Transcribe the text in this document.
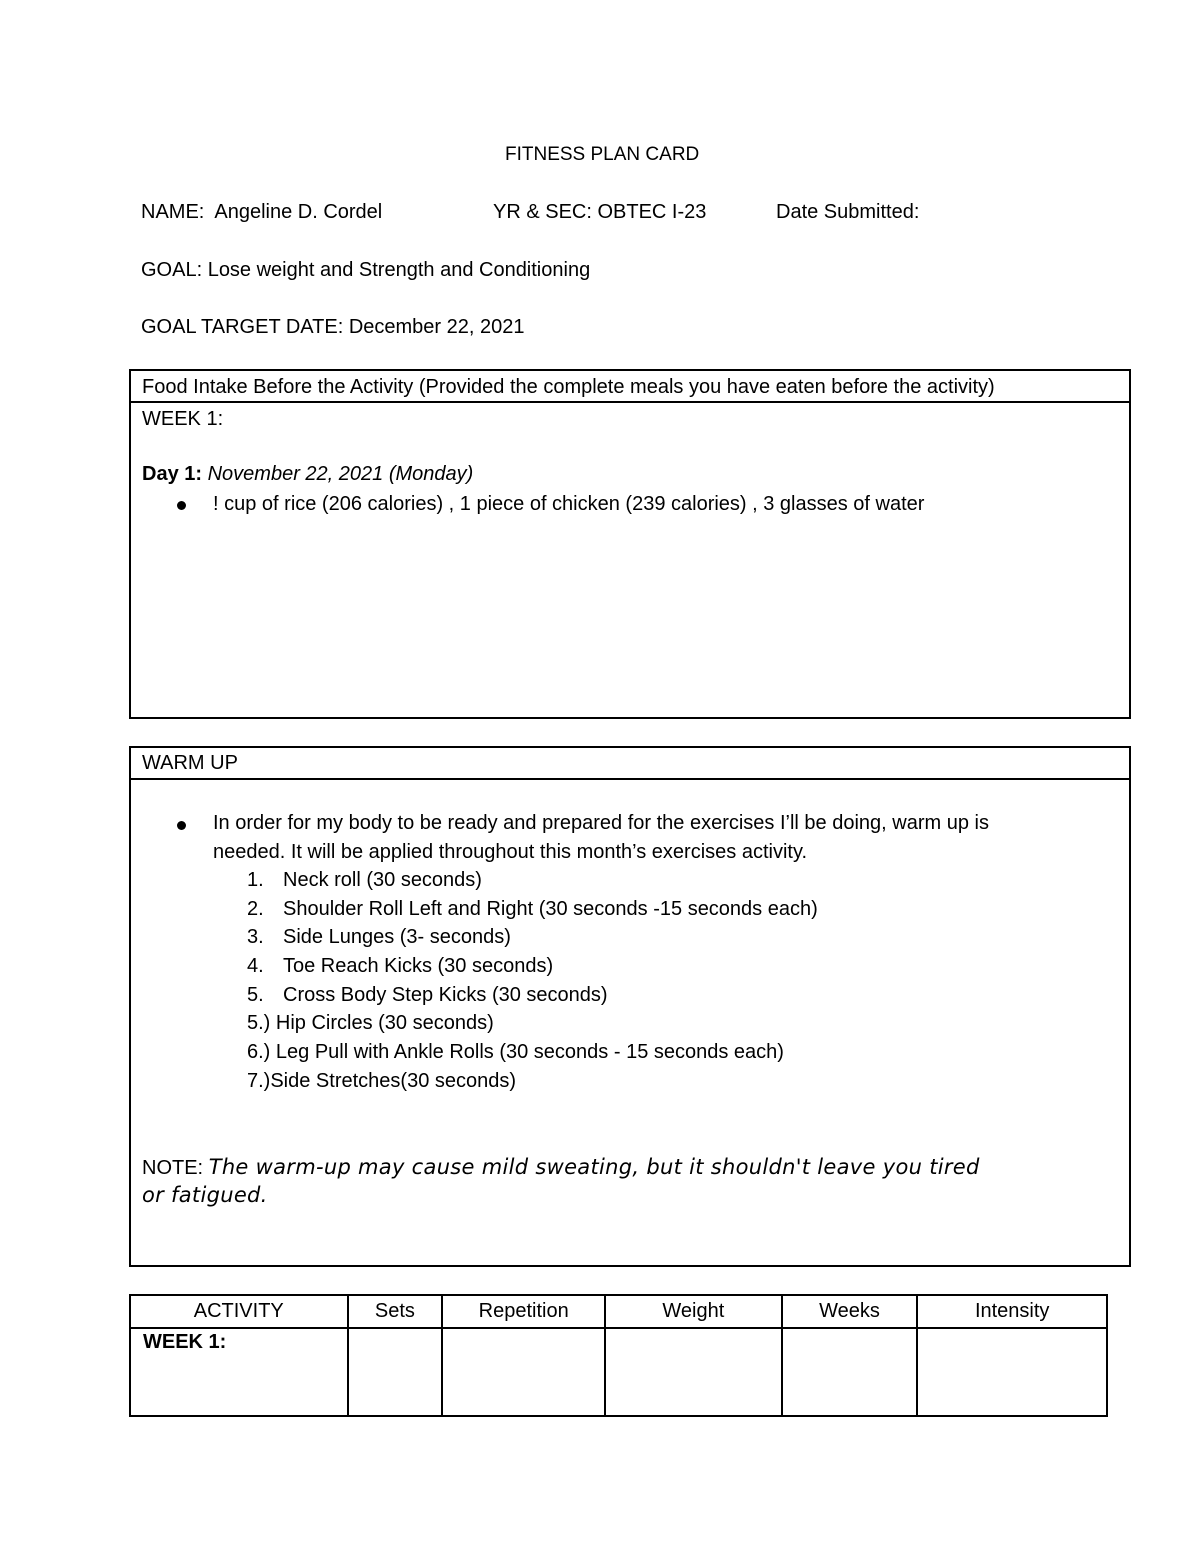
FITNESS PLAN CARD
NAME: Angeline D. Cordel	YR & SEC: OBTEC I-23	Date Submitted:
GOAL: Lose weight and Strength and Conditioning
GOAL TARGET DATE: December 22, 2021
Food Intake Before the Activity (Provided the complete meals you have eaten before the activity)
WEEK 1:
Day 1: November 22, 2021 (Monday)
! cup of rice (206 calories) , 1 piece of chicken (239 calories) , 3 glasses of water
WARM UP
In order for my body to be ready and prepared for the exercises I’ll be doing, warm up is
needed. It will be applied throughout this month’s exercises activity.
1. Neck roll (30 seconds)
2. Shoulder Roll Left and Right (30 seconds -15 seconds each)
3. Side Lunges (3- seconds)
4. Toe Reach Kicks (30 seconds)
5. Cross Body Step Kicks (30 seconds)
5.) Hip Circles (30 seconds)
6.) Leg Pull with Ankle Rolls (30 seconds - 15 seconds each)
7.)Side Stretches(30 seconds)
NOTE: The warm-up may cause mild sweating, but it shouldn't leave you tired
or fatigued.
ACTIVITY	Sets	Repetition	Weight	Weeks	Intensity
WEEK 1:					
